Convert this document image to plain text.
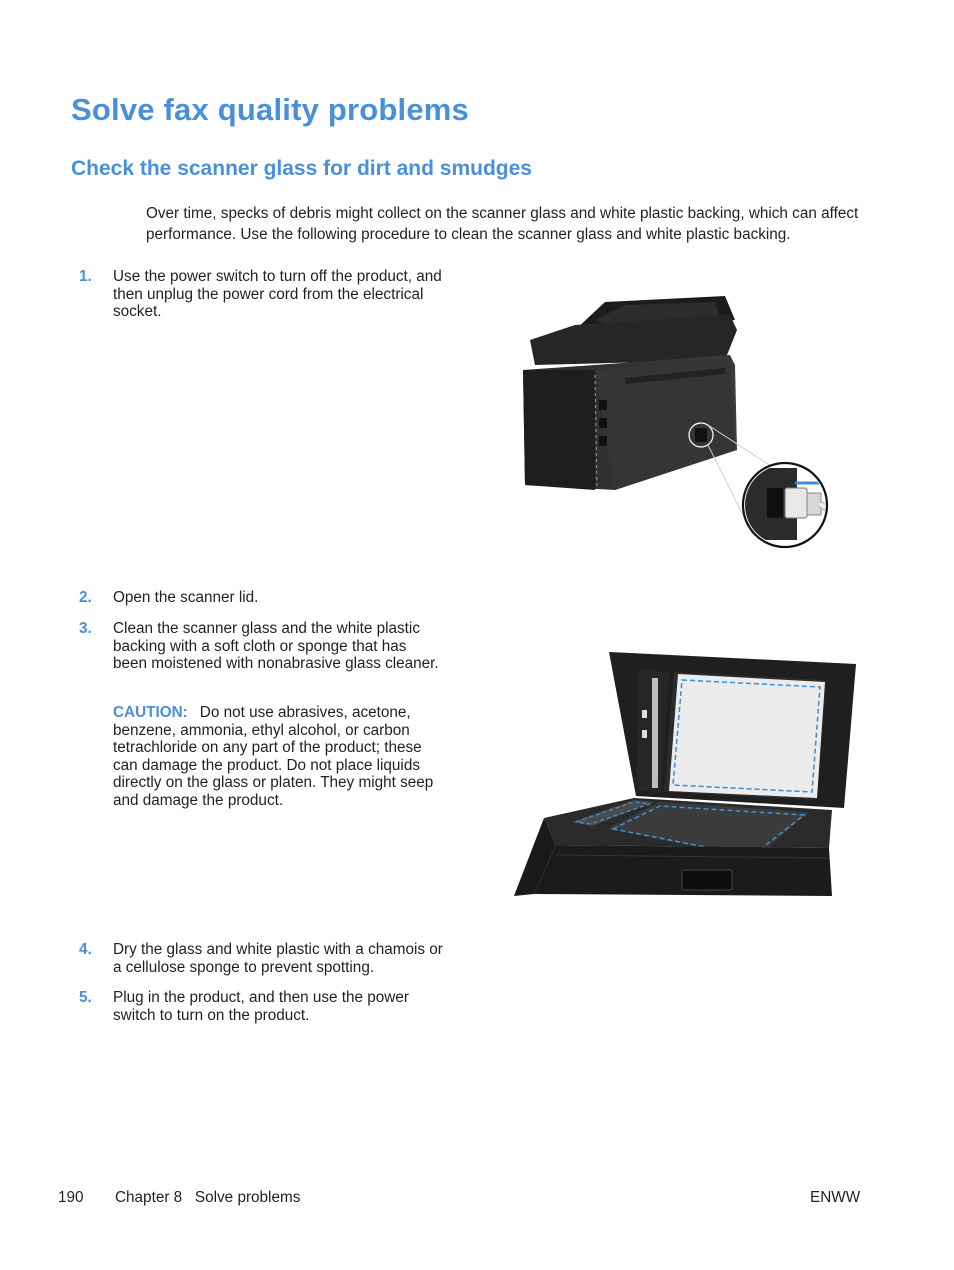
Solve fax quality problems
Check the scanner glass for dirt and smudges

Over time, specks of debris might collect on the scanner glass and white plastic backing, which can affect performance. Use the following procedure to clean the scanner glass and white plastic backing.

1. Use the power switch to turn off the product, and then unplug the power cord from the electrical socket.
2. Open the scanner lid.
3. Clean the scanner glass and the white plastic backing with a soft cloth or sponge that has been moistened with nonabrasive glass cleaner.
CAUTION: Do not use abrasives, acetone, benzene, ammonia, ethyl alcohol, or carbon tetrachloride on any part of the product; these can damage the product. Do not place liquids directly on the glass or platen. They might seep and damage the product.
4. Dry the glass and white plastic with a chamois or a cellulose sponge to prevent spotting.
5. Plug in the product, and then use the power switch to turn on the product.
190 Chapter 8   Solve problems	ENWW
